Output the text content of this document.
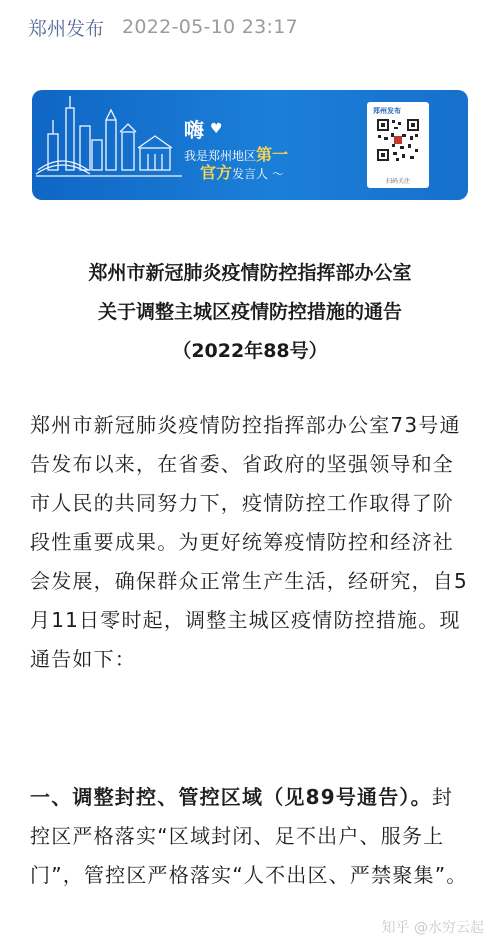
郑州发布 2022-05-10 23:17
嗨 ♥
我是郑州地区第一
官方发言人 〜
郑州发布
扫码关注
郑州市新冠肺炎疫情防控指挥部办公室
关于调整主城区疫情防控措施的通告
（2022年88号）
郑州市新冠肺炎疫情防控指挥部办公室73号通告发布以来，在省委、省政府的坚强领导和全市人民的共同努力下，疫情防控工作取得了阶段性重要成果。为更好统筹疫情防控和经济社会发展，确保群众正常生产生活，经研究，自5月11日零时起，调整主城区疫情防控措施。现通告如下：
一、调整封控、管控区域（见89号通告）。封控区严格落实“区域封闭、足不出户、服务上门”，管控区严格落实“人不出区、严禁聚集”。
知乎 @水穷云起
